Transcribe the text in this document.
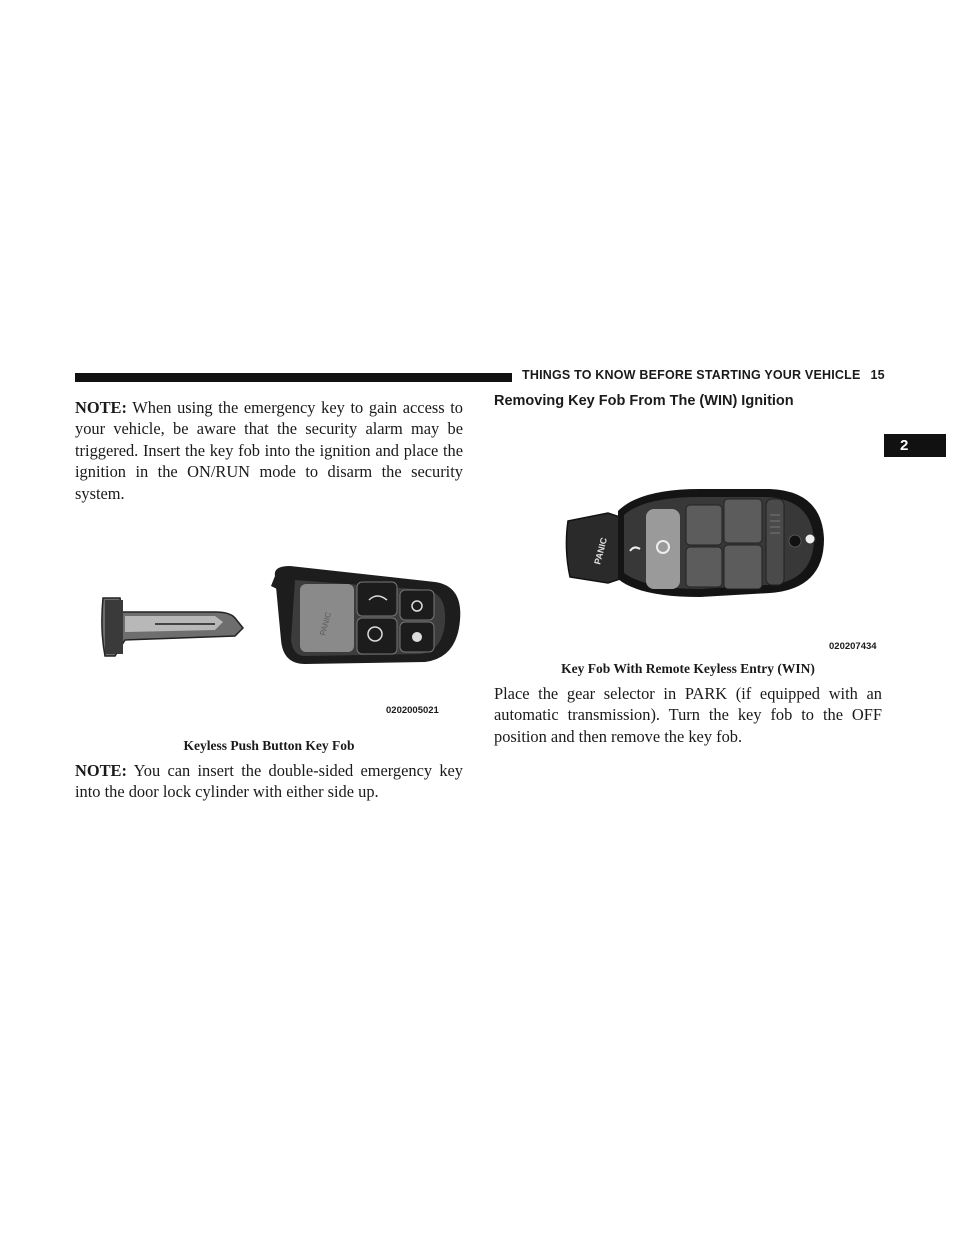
THINGS TO KNOW BEFORE STARTING YOUR VEHICLE 15
2
NOTE: When using the emergency key to gain access to your vehicle, be aware that the security alarm may be triggered. Insert the key fob into the ignition and place the ignition in the ON/RUN mode to disarm the security system.
PANIC
0202005021
Keyless Push Button Key Fob
NOTE: You can insert the double-sided emergency key into the door lock cylinder with either side up.
Removing Key Fob From The (WIN) Ignition
PANIC
020207434
Key Fob With Remote Keyless Entry (WIN)
Place the gear selector in PARK (if equipped with an automatic transmission). Turn the key fob to the OFF position and then remove the key fob.
